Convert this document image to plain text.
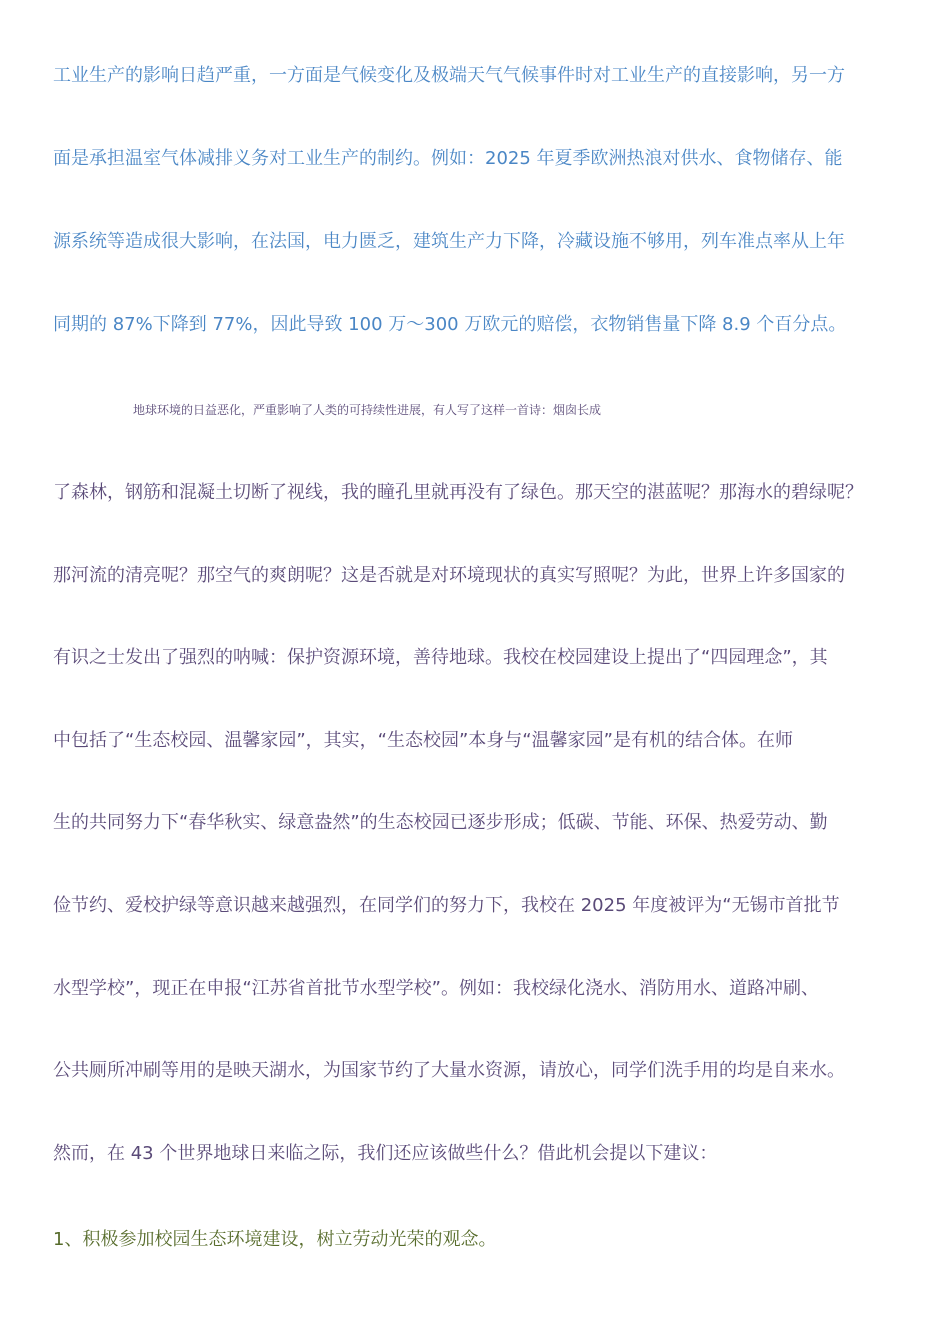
工业生产的影响日趋严重，一方面是气候变化及极端天气气候事件时对工业生产的直接影响，另一方
面是承担温室气体减排义务对工业生产的制约。例如：2025 年夏季欧洲热浪对供水、食物储存、能
源系统等造成很大影响，在法国，电力匮乏，建筑生产力下降，冷藏设施不够用，列车准点率从上年
同期的 87%下降到 77%，因此导致 100 万～300 万欧元的赔偿，衣物销售量下降 8.9 个百分点。
地球环境的日益恶化，严重影响了人类的可持续性进展，有人写了这样一首诗：烟囱长成
了森林，钢筋和混凝土切断了视线，我的瞳孔里就再没有了绿色。那天空的湛蓝呢？那海水的碧绿呢？
那河流的清亮呢？那空气的爽朗呢？这是否就是对环境现状的真实写照呢？为此，世界上许多国家的
有识之士发出了强烈的呐喊：保护资源环境，善待地球。我校在校园建设上提出了“四园理念”，其
中包括了“生态校园、温馨家园”，其实，“生态校园”本身与“温馨家园”是有机的结合体。在师
生的共同努力下“春华秋实、绿意盎然”的生态校园已逐步形成；低碳、节能、环保、热爱劳动、勤
俭节约、爱校护绿等意识越来越强烈，在同学们的努力下，我校在 2025 年度被评为“无锡市首批节
水型学校”，现正在申报“江苏省首批节水型学校”。例如：我校绿化浇水、消防用水、道路冲刷、
公共厕所冲刷等用的是映天湖水，为国家节约了大量水资源，请放心，同学们洗手用的均是自来水。
然而，在 43 个世界地球日来临之际，我们还应该做些什么？借此机会提以下建议：
1、积极参加校园生态环境建设，树立劳动光荣的观念。
